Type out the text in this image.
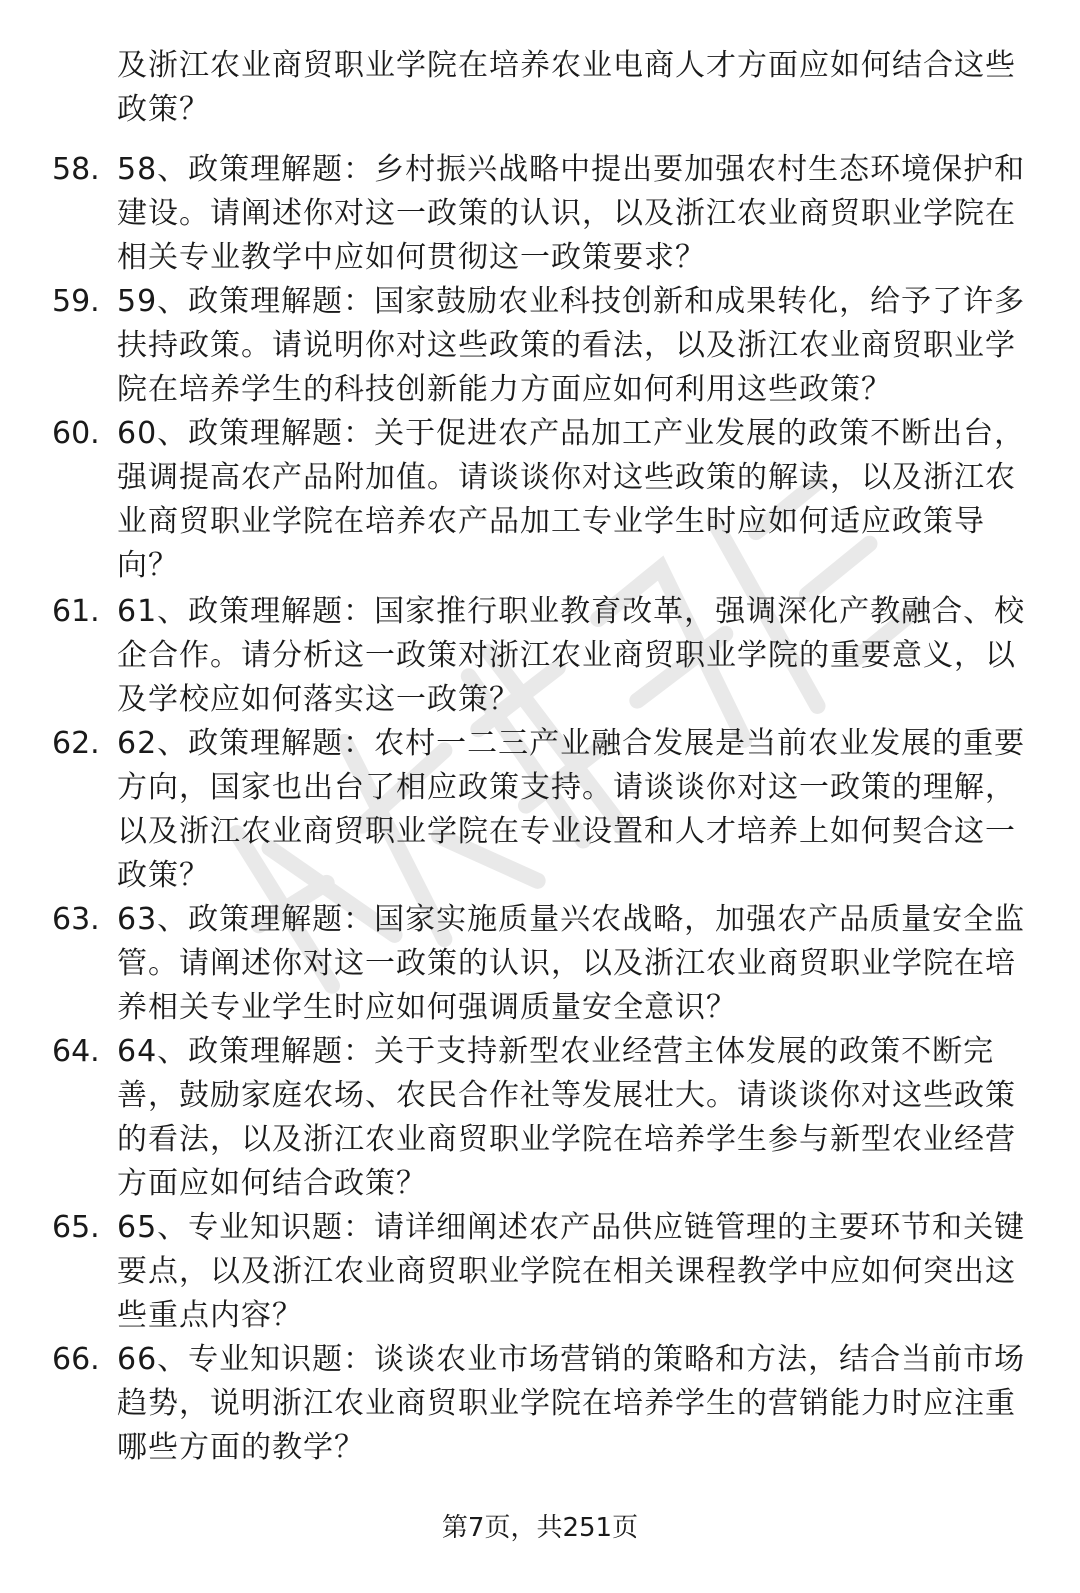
及浙江农业商贸职业学院在培养农业电商人才方面应如何结合这些政策？
58. 58、政策理解题：乡村振兴战略中提出要加强农村生态环境保护和建设。请阐述你对这一政策的认识，以及浙江农业商贸职业学院在相关专业教学中应如何贯彻这一政策要求？
59. 59、政策理解题：国家鼓励农业科技创新和成果转化，给予了许多扶持政策。请说明你对这些政策的看法，以及浙江农业商贸职业学院在培养学生的科技创新能力方面应如何利用这些政策？
60. 60、政策理解题：关于促进农产品加工产业发展的政策不断出台，强调提高农产品附加值。请谈谈你对这些政策的解读，以及浙江农业商贸职业学院在培养农产品加工专业学生时应如何适应政策导向？
61. 61、政策理解题：国家推行职业教育改革，强调深化产教融合、校企合作。请分析这一政策对浙江农业商贸职业学院的重要意义，以及学校应如何落实这一政策？
62. 62、政策理解题：农村一二三产业融合发展是当前农业发展的重要方向，国家也出台了相应政策支持。请谈谈你对这一政策的理解，以及浙江农业商贸职业学院在专业设置和人才培养上如何契合这一政策？
63. 63、政策理解题：国家实施质量兴农战略，加强农产品质量安全监管。请阐述你对这一政策的认识，以及浙江农业商贸职业学院在培养相关专业学生时应如何强调质量安全意识？
64. 64、政策理解题：关于支持新型农业经营主体发展的政策不断完善，鼓励家庭农场、农民合作社等发展壮大。请谈谈你对这些政策的看法，以及浙江农业商贸职业学院在培养学生参与新型农业经营方面应如何结合政策？
65. 65、专业知识题：请详细阐述农产品供应链管理的主要环节和关键要点，以及浙江农业商贸职业学院在相关课程教学中应如何突出这些重点内容？
66. 66、专业知识题：谈谈农业市场营销的策略和方法，结合当前市场趋势，说明浙江农业商贸职业学院在培养学生的营销能力时应注重哪些方面的教学？
第7页，共251页
